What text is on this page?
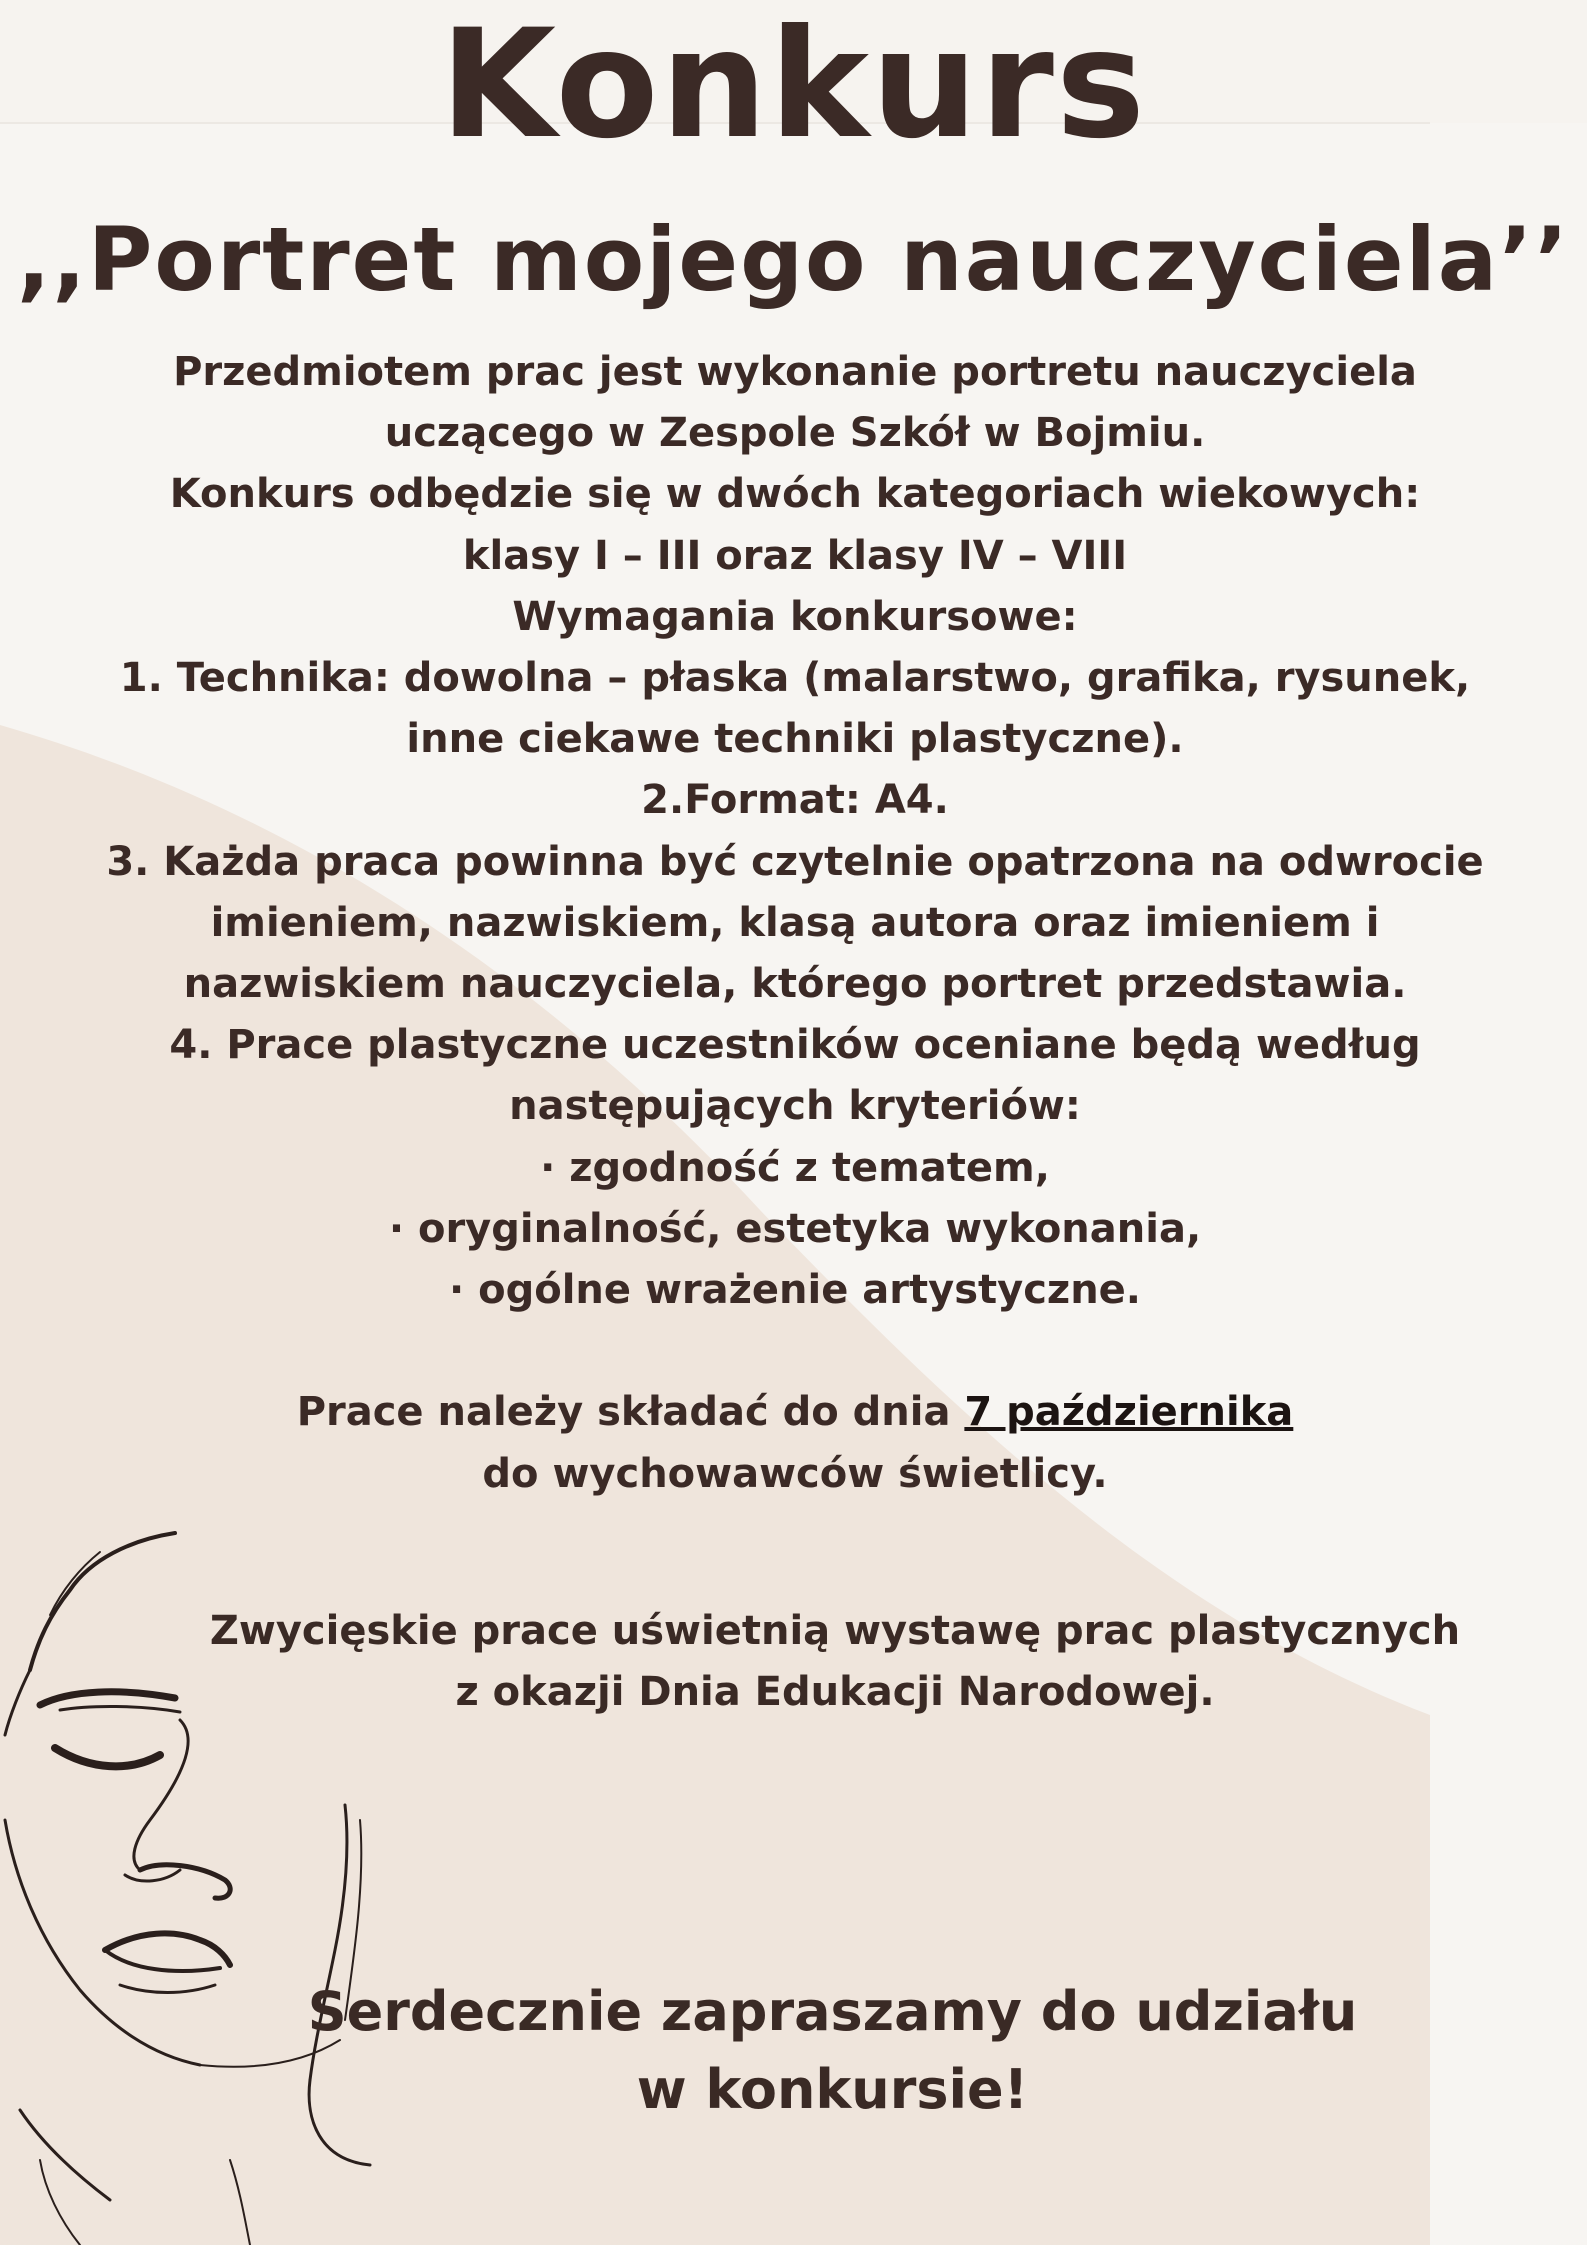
Konkurs
,,Portret mojego nauczyciela’’

Przedmiotem prac jest wykonanie portretu nauczyciela

uczącego w Zespole Szkół w Bojmiu.

Konkurs odbędzie się w dwóch kategoriach wiekowych:

klasy I – III oraz klasy IV – VIII

Wymagania konkursowe:

1. Technika: dowolna – płaska (malarstwo, grafika, rysunek,

inne ciekawe techniki plastyczne).

2.Format: A4.

3. Każda praca powinna być czytelnie opatrzona na odwrocie

imieniem, nazwiskiem, klasą autora oraz imieniem i

nazwiskiem nauczyciela, którego portret przedstawia.

4. Prace plastyczne uczestników oceniane będą według

następujących kryteriów:

· zgodność z tematem,

· oryginalność, estetyka wykonania,

· ogólne wrażenie artystyczne.

Prace należy składać do dnia 7 października

do wychowawców świetlicy.

Zwycięskie prace uświetnią wystawę prac plastycznych

z okazji Dnia Edukacji Narodowej.

Serdecznie zapraszamy do udziału

w konkursie!
